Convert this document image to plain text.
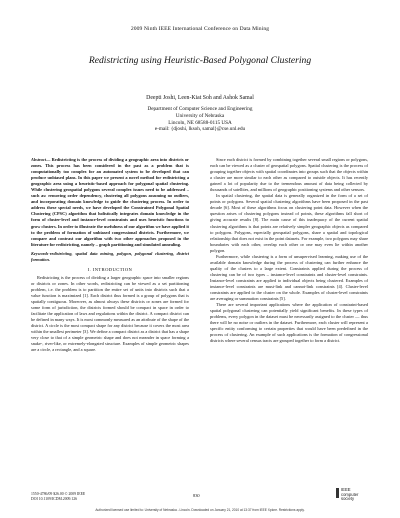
2009 Ninth IEEE International Conference on Data Mining
Redistricting using Heuristic-Based Polygonal Clustering
Deepti Joshi, Leen-Kiat Soh and Ashok Samal
Department of Computer Science and Engineering
University of Nebraska
Lincoln, NE 68588-0115 USA
e-mail: {djoshi, lksoh, samal}@cse.unl.edu

Abstract— Redistricting is the process of dividing a geographic area into districts or zones. This process has been considered in the past as a problem that is computationally too complex for an automated system to be developed that can produce unbiased plans. In this paper we present a novel method for redistricting a geographic area using a heuristic-based approach for polygonal spatial clustering. While clustering geospatial polygons several complex issues need to be addressed – such as: removing order dependency, clustering all polygons assuming no outliers, and incorporating domain knowledge to guide the clustering process. In order to address these special needs, we have developed the Constrained Polygonal Spatial Clustering (CPSC) algorithm that holistically integrates domain knowledge in the form of cluster-level and instance-level constraints and uses heuristic functions to grow clusters. In order to illustrate the usefulness of our algorithm we have applied it to the problem of formation of unbiased congressional districts. Furthermore, we compare and contrast our algorithm with two other approaches proposed in the literature for redistricting, namely – graph partitioning and simulated annealing.

Keywords-redistricting, spatial data mining, polygon, polygonal clustering, district formation.

I. INTRODUCTION

Redistricting is the process of dividing a larger geographic space into smaller regions or districts or zones. In other words, redistricting can be viewed as a set partitioning problem, i.e. the problem is to partition the entire set of units into districts such that a value function is maximized [1]. Each district thus formed is a group of polygons that is spatially contiguous. Moreover, as almost always these districts or zones are formed for some form of jurisdiction, the districts formed should be compact in space in order to facilitate the application of laws and regulations within the district. A compact district can be defined in many ways. It is most commonly measured as an attribute of the shape of the district. A circle is the most compact shape for any district because it covers the most area within the smallest perimeter [3]. We define a compact district as a district that has a shape very close to that of a simple geometric shape and does not meander in space forming a snake-, river-like, or extremely-elongated structure. Examples of simple geometric shapes are a circle, a rectangle, and a square.

Since each district is formed by combining together several small regions or polygons, each can be viewed as a cluster of geospatial polygons. Spatial clustering is the process of grouping together objects with spatial coordinates into groups such that the objects within a cluster are more similar to each other as compared to outside objects. It has recently gained a lot of popularity due to the tremendous amount of data being collected by thousands of satellites, and millions of geographic positioning systems and other sensors.

In spatial clustering, the spatial data is generally organized in the form of a set of points or polygons. Several spatial clustering algorithms have been proposed in the past decade [6]. Most of these algorithms focus on clustering point data. However when the question arises of clustering polygons instead of points, these algorithms fall short of giving accurate results [8]. The main cause of this inadequacy of the current spatial clustering algorithms is that points are relatively simpler geographic objects as compared to polygons. Polygons, especially geospatial polygons, share a spatial and topological relationship that does not exist in the point datasets. For example, two polygons may share boundaries with each other, overlap each other or one may even lie within another polygon.

Furthermore, while clustering is a form of unsupervised learning, making use of the available domain knowledge during the process of clustering can further enhance the quality of the clusters to a large extent. Constraints applied during the process of clustering can be of two types – instance-level constraints and cluster-level constraints. Instance-level constraints are applied to individual objects being clustered. Examples of instance-level constraints are must-link and cannot-link constraints [4]. Cluster-level constraints are applied to the cluster on the whole. Examples of cluster-level constraints are averaging or summation constraints [5].

There are several important applications where the application of constraint-based spatial polygonal clustering can potentially yield significant benefits. In these types of problems, every polygon in the dataset must be necessarily assigned to the cluster — thus there will be no noise or outliers in the dataset. Furthermore, each cluster will represent a specific entity conforming to certain properties that would have been predefined in the process of clustering. An example of such applications is the formation of congressional districts where several census tracts are grouped together to form a district.

1550-4786/09 $26.00 © 2009 IEEE
DOI 10.1109/ICDM.2009.126
830
IEEE
computer
society
Authorized licensed use limited to: University of Nebraska - Lincoln. Downloaded on January 21, 2010 at 13:37 from IEEE Xplore. Restrictions apply.
